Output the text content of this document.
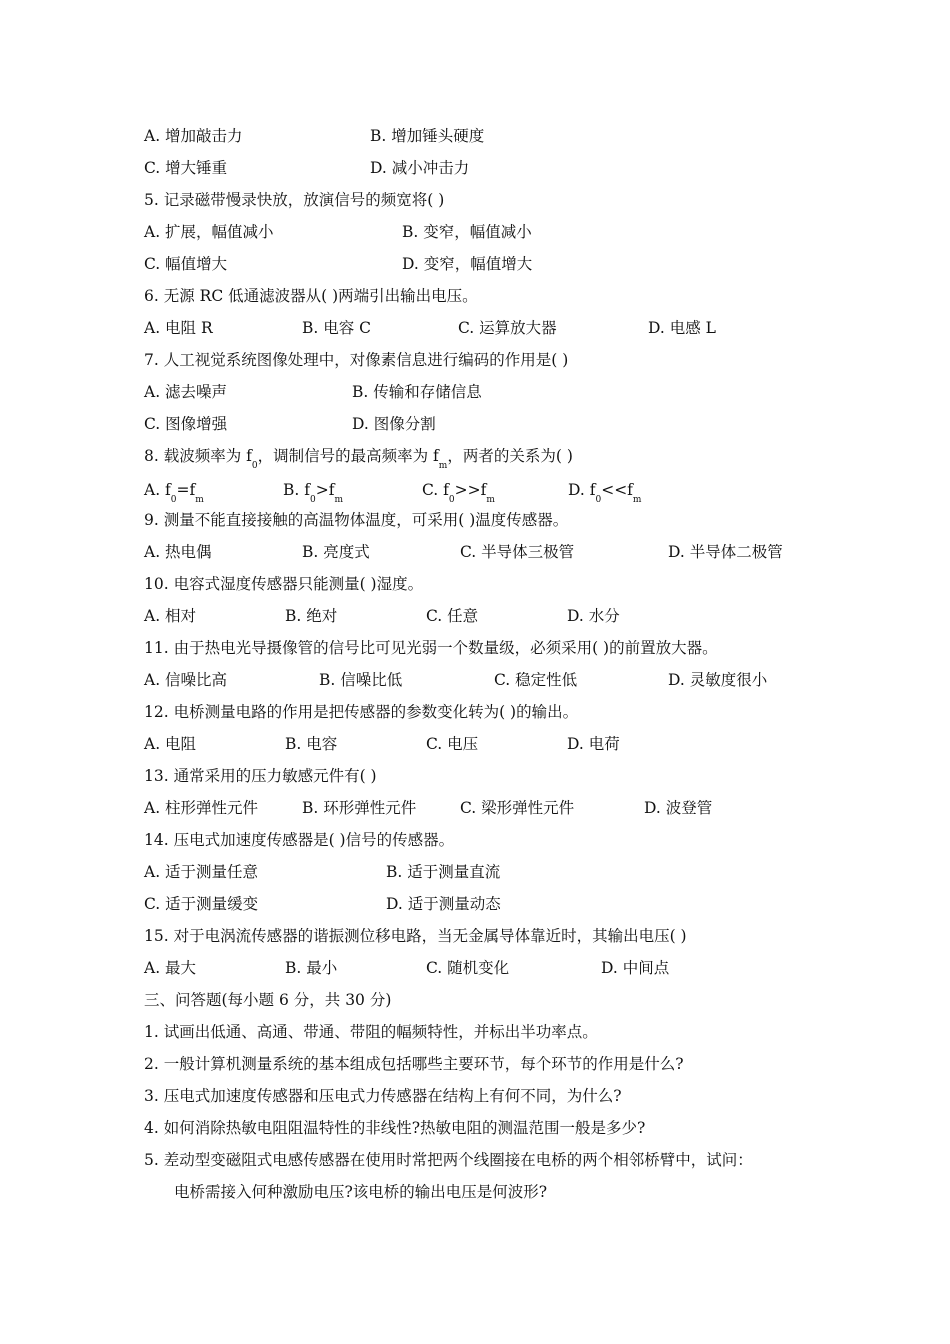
A. 增加敲击力	B. 增加锤头硬度
C. 增大锤重	D. 减小冲击力
5. 记录磁带慢录快放，放演信号的频宽将( )
A. 扩展，幅值减小	B. 变窄，幅值减小
C. 幅值增大	D. 变窄，幅值增大
6. 无源 RC 低通滤波器从( )两端引出输出电压。
A. 电阻 R	B. 电容 C	C. 运算放大器	D. 电感 L
7. 人工视觉系统图像处理中，对像素信息进行编码的作用是( )
A. 滤去噪声	B. 传输和存储信息
C. 图像增强	D. 图像分割
8. 载波频率为 $f_0$，调制信号的最高频率为 $f_m$，两者的关系为( )
A. $f_0=f_m$
B. $f_0>f_m$
C. $f_0>>f_m$
D. $f_0<<f_m$
9. 测量不能直接接触的高温物体温度，可采用( )温度传感器。
A. 热电偶	B. 亮度式	C. 半导体三极管	D. 半导体二极管
10. 电容式湿度传感器只能测量( )湿度。
A. 相对	B. 绝对	C. 任意	D. 水分
11. 由于热电光导摄像管的信号比可见光弱一个数量级，必须采用( )的前置放大器。
A. 信噪比高	B. 信噪比低	C. 稳定性低	D. 灵敏度很小
12. 电桥测量电路的作用是把传感器的参数变化转为( )的输出。
A. 电阻	B. 电容	C. 电压	D. 电荷
13. 通常采用的压力敏感元件有( )
A. 柱形弹性元件	B. 环形弹性元件	C. 梁形弹性元件	D. 波登管
14. 压电式加速度传感器是( )信号的传感器。
A. 适于测量任意	B. 适于测量直流
C. 适于测量缓变	D. 适于测量动态
15. 对于电涡流传感器的谐振测位移电路，当无金属导体靠近时，其输出电压( )
A. 最大	B. 最小	C. 随机变化	D. 中间点
三、问答题(每小题 6 分，共 30 分)
1. 试画出低通、高通、带通、带阻的幅频特性，并标出半功率点。
2. 一般计算机测量系统的基本组成包括哪些主要环节，每个环节的作用是什么?
3. 压电式加速度传感器和压电式力传感器在结构上有何不同，为什么?
4. 如何消除热敏电阻阻温特性的非线性?热敏电阻的测温范围一般是多少?
5. 差动型变磁阻式电感传感器在使用时常把两个线圈接在电桥的两个相邻桥臂中，试问：
电桥需接入何种激励电压?该电桥的输出电压是何波形?
